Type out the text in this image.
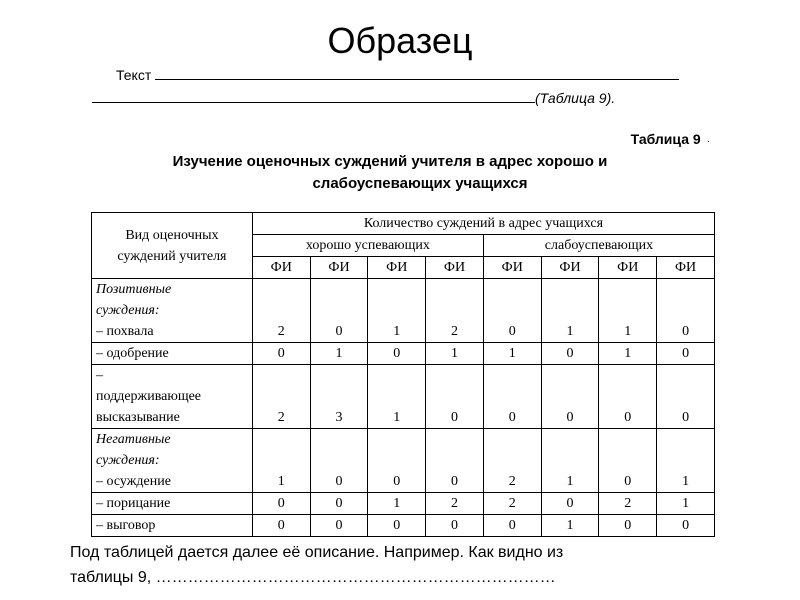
Образец
Текст
(Таблица 9).
Таблица 9 ·
Изучение оценочных суждений учителя в адрес хорошо и
слабоуспевающих учащихся
Вид оценочных суждений учителя	Количество суждений в адрес учащихся							
	хорошо успевающих				слабоуспевающих			
	ФИ	ФИ	ФИ	ФИ	ФИ	ФИ	ФИ	ФИ

Позитивные
суждения:
– похвала	2	0	1	2	0	1	1	0

– одобрение	0	1	0	1	1	0	1	0

–
поддерживающее
высказывание	2	3	1	0	0	0	0	0

Негативные
суждения:
– осуждение	1	0	0	0	2	1	0	1

– порицание	0	0	1	2	2	0	2	1

– выговор	0	0	0	0	0	1	0	0
Под таблицей дается далее её описание. Например. Как видно из
таблицы 9, …………………………………………………………………
